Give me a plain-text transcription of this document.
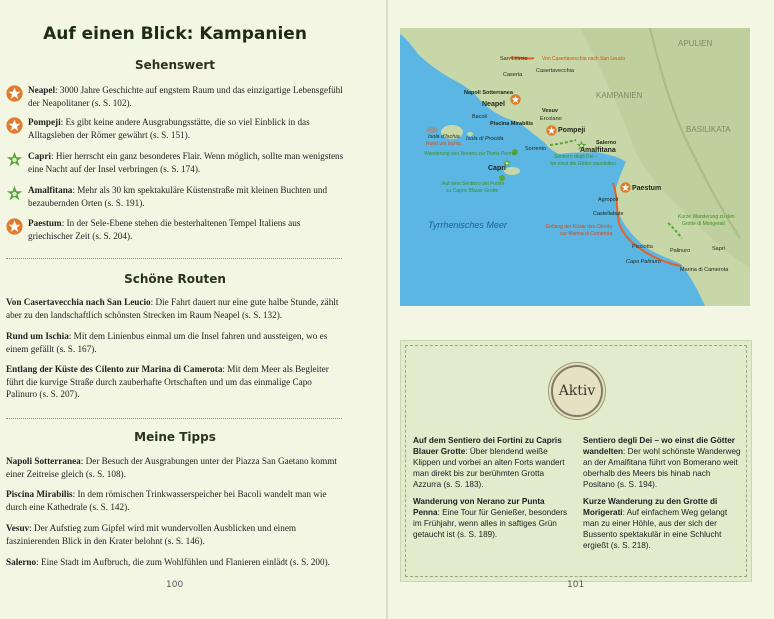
Auf einen Blick: Kampanien
Sehenswert
Neapel: 3000 Jahre Geschichte auf engstem Raum und das einzigartige Lebensgefühl der Neapolitaner (s. S. 102).
Pompeji: Es gibt keine andere Ausgrabungsstätte, die so viel Einblick in das Alltagsleben der Römer gewährt (s. S. 151).
Capri: Hier herrscht ein ganz besonderes Flair. Wenn möglich, sollte man wenigstens eine Nacht auf der Insel verbringen (s. S. 174).
Amalfitana: Mehr als 30 km spektakuläre Küstenstraße mit kleinen Buchten und bezaubernden Orten (s. S. 191).
Paestum: In der Sele-Ebene stehen die besterhaltenen Tempel Italiens aus griechischer Zeit (s. S. 204).
Schöne Routen
Von Casertavecchia nach San Leucio: Die Fahrt dauert nur eine gute halbe Stunde, zählt aber zu den landschaftlich schönsten Strecken im Raum Neapel (s. S. 132).
Rund um Ischia: Mit dem Linienbus einmal um die Insel fahren und aussteigen, wo es einem gefällt (s. S. 167).
Entlang der Küste des Cilento zur Marina di Camerota: Mit dem Meer als Begleiter führt die kurvige Straße durch zauberhafte Ortschaften und um das einmalige Capo Palinuro (s. S. 207).
Meine Tipps
Napoli Sotterranea: Der Besuch der Ausgrabungen unter der Piazza San Gaetano kommt einer Zeitreise gleich (s. S. 108).
Piscina Mirabilis: In dem römischen Trinkwasserspeicher bei Bacoli wandelt man wie durch eine Kathedrale (s. S. 142).
Vesuv: Der Aufstieg zum Gipfel wird mit wundervollen Ausblicken und einem faszinierenden Blick in den Krater belohnt (s. S. 146).
Salerno: Eine Stadt im Aufbruch, die zum Wohlfühlen und Flanieren einlädt (s. S. 200).
100
San Leucio
Caserta
Casertavecchia
Napoli Sotterranea
Neapel
Bacoli
Piscina Mirabilis
Vesuv
Ercolano
Pompeji
Isola d'Ischia Isola di Procida
Sorrento
Salerno
Amalfitana
Capri
Paestum
Agropoli
Castellabate
Pisciotta
Palinuro	Sapri
Capo Palinuro
Marina di Camerota
Von Casertavecchia nach San Leucio
Rund um Ischia
Entlang der Küste des Cilento
zur Marina di Camerota
Wanderung von Nerano zur Punta Penna
Auf dem Sentiero dei Fortini
zu Capris Blauer Grotte
Sentiero degli Dei –
wo einst die Götter wandelten
Kurze Wanderung zu den
Grotte di Morigerati
APULIEN
KAMPANIEN
BASILIKATA
Tyrrhenisches Meer
Aktiv

Auf dem Sentiero dei Fortini zu Capris Blauer Grotte: Über blendend weiße Klippen und vorbei an alten Forts wandert man direkt bis zur berühmten Grotta Azzurra (s. S. 183).

Wanderung von Nerano zur Punta Penna: Eine Tour für Genießer, besonders im Frühjahr, wenn alles in saftiges Grün getaucht ist (s. S. 189).

Sentiero degli Dei – wo einst die Götter wandelten: Der wohl schönste Wanderweg an der Amalfitana führt von Bomerano weit oberhalb des Meers bis hinab nach Positano (s. S. 194).

Kurze Wanderung zu den Grotte di Morigerati: Auf einfachem Weg gelangt man zu einer Höhle, aus der sich der Bussento spektakulär in eine Schlucht ergießt (s. S. 218).

101
